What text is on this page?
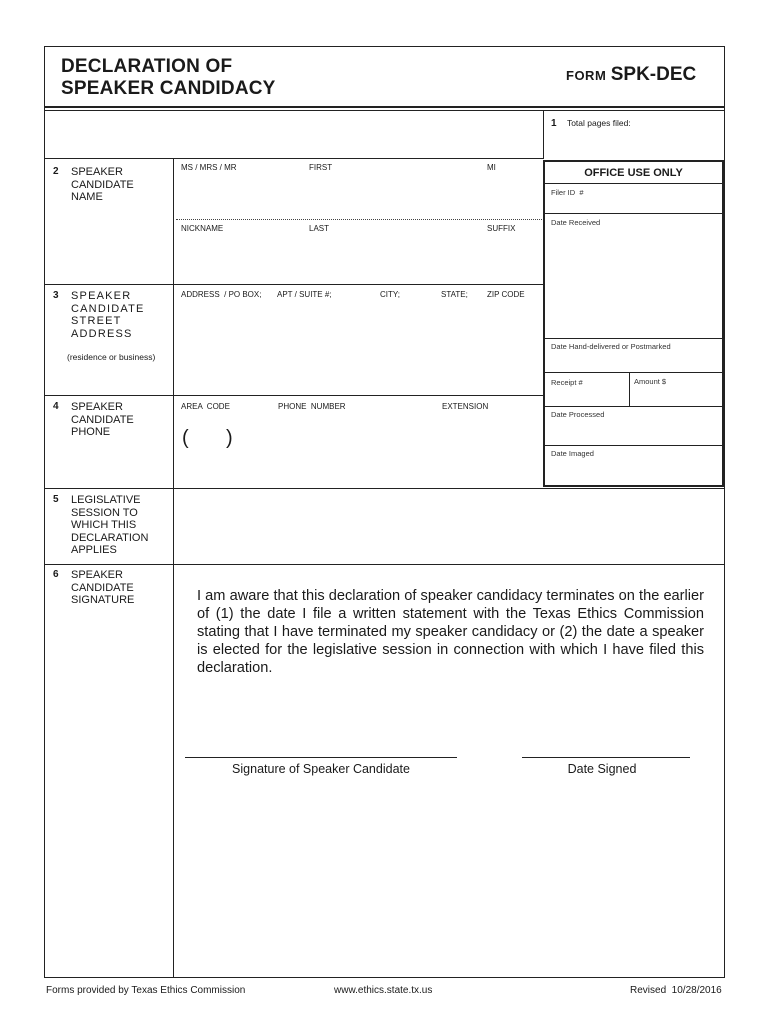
DECLARATION OF
SPEAKER CANDIDACY
FORM SPK-DEC
1 Total pages filed:
2 SPEAKER
CANDIDATE
NAME
MS / MRS / MR	FIRST	MI
NICKNAME	LAST	SUFFIX
3 SPEAKER
CANDIDATE
STREET
ADDRESS
(residence or business)
ADDRESS  / PO BOX; APT / SUITE #;	CITY;	STATE; ZIP CODE
4 SPEAKER
CANDIDATE
PHONE
AREA  CODE	PHONE  NUMBER	EXTENSION
( )
OFFICE USE ONLY
Filer ID  #
Date Received
Date Hand-delivered or Postmarked
Receipt #	Amount $
Date Processed
Date Imaged
5 LEGISLATIVE
SESSION TO
WHICH THIS
DECLARATION
APPLIES
6 SPEAKER
CANDIDATE
SIGNATURE	I am aware that this declaration of speaker candidacy terminates on the earlier of (1) the date I file a written statement with the Texas Ethics Commission stating that I have terminated my speaker candidacy or (2) the date a speaker is elected for the legislative session in connection with which I have filed this declaration.
Signature of Speaker Candidate	Date Signed
Forms provided by Texas Ethics Commission	www.ethics.state.tx.us	Revised  10/28/2016
